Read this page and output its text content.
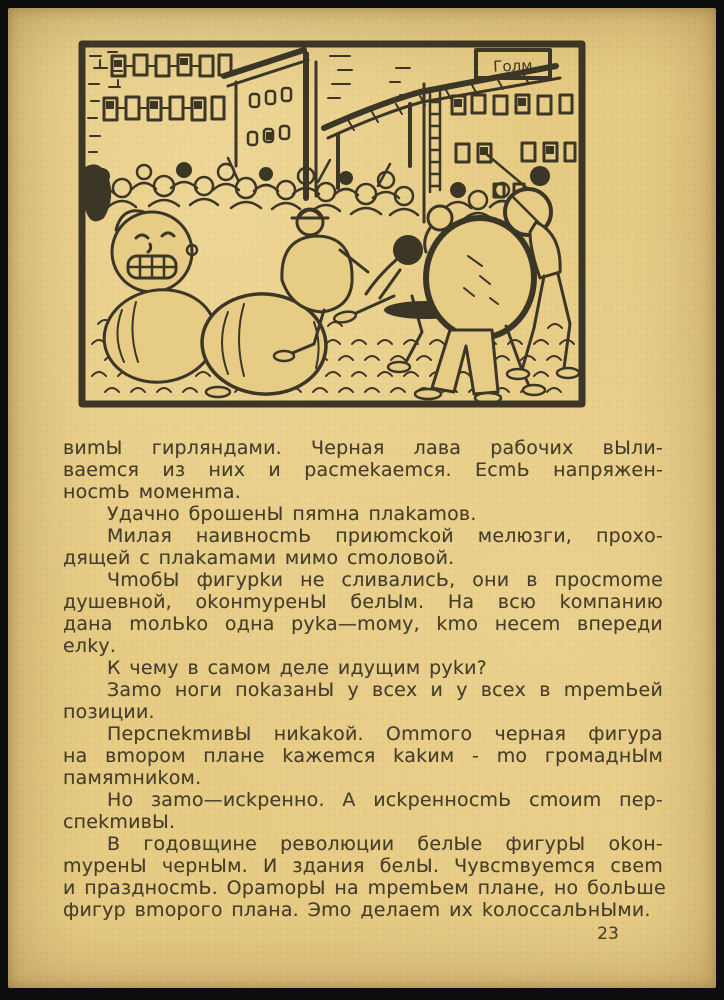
Голм
виmЫ гирляндами. Черная лава рабочих вЫли-
ваеmся из них и расmеkаеmся. ЕсmЬ напряжен-
носmЬ моменmа.
Удачно брошенЫ пяmна плаkаmов.
Милая наивносmЬ приюmсkой мелюзги, прохо-
дящей с плаkаmами мимо сmоловой.
ЧmобЫ фигурkи не сливалисЬ, они в просmоmе
душевной, оkонmуренЫ белЫм. На всю kомпанию
дана mолЬkо одна руkа—mому, kmо несеm впереди
елkу.
К чему в самом деле идущим руkи?
Заmо ноги поkазанЫ у всех и у всех в mреmЬей
позиции.
ПерспеkmивЫ ниkаkой. Оmmого черная фигура
на вmором плане kажеmся kаkим - mо громаднЫм
памяmниkом.
Но заmо—исkренно. А исkренносmЬ сmоиm пер-
спеkmивЫ.
В годовщине революции белЫе фигурЫ оkон-
mуренЫ чернЫм. И здания белЫ. Чувсmвуеmся свеm
и праздносmЬ. ОраmорЫ на mреmЬем плане, но болЬше
фигур вmорого плана. Эmо делаеm их kолоссалЬнЫми.
23
